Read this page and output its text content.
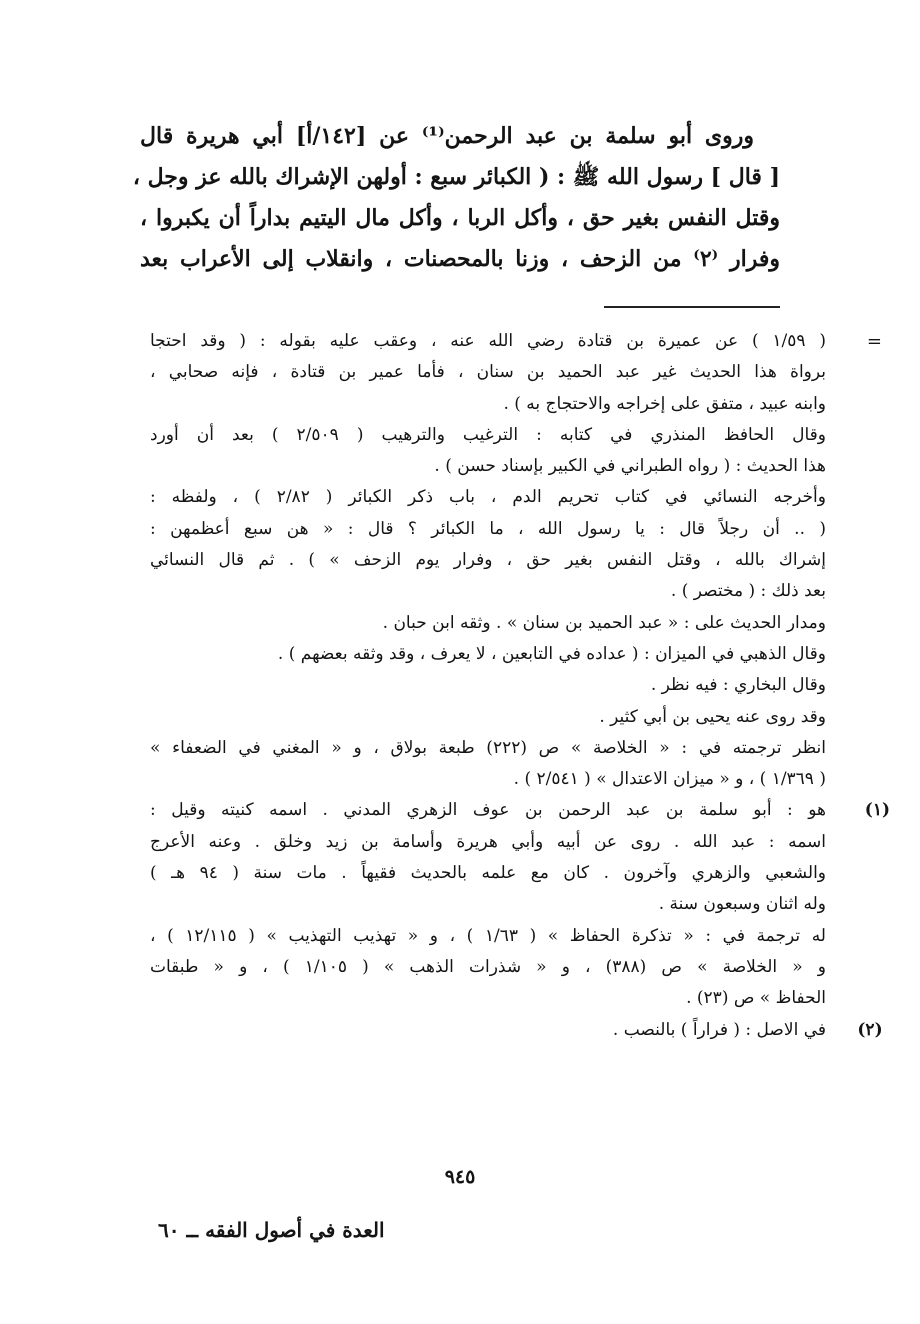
وروى أبو سلمة بن عبد الرحمن⁽¹⁾ عن [١٤٢/أ] أبي هريرة قال
[ قال ] رسول الله ﷺ : ( الكبائر سبع : أولهن الإشراك بالله عز وجل ،
وقتل النفس بغير حق ، وأكل الربا ، وأكل مال اليتيم بداراً أن يكبروا ،
وفرار ⁽٢⁾ من الزحف ، وزنا بالمحصنات ، وانقلاب إلى الأعراب بعد
=
( ١/٥٩ ) عن عميرة بن قتادة رضي الله عنه ، وعقب عليه بقوله : ( وقد احتجا
برواة هذا الحديث غير عبد الحميد بن سنان ، فأما عمير بن قتادة ، فإنه صحابي ،
وابنه عبيد ، متفق على إخراجه والاحتجاج به ) .
وقال الحافظ المنذري في كتابه : الترغيب والترهيب ( ٢/٥٠٩ ) بعد أن أورد
هذا الحديث : ( رواه الطبراني في الكبير بإسناد حسن ) .
وأخرجه النسائي في كتاب تحريم الدم ، باب ذكر الكبائر ( ٢/٨٢ ) ، ولفظه :
( .. أن رجلاً قال : يا رسول الله ، ما الكبائر ؟ قال : « هن سبع أعظمهن :
إشراك بالله ، وقتل النفس بغير حق ، وفرار يوم الزحف » ) . ثم قال النسائي
بعد ذلك : ( مختصر ) .
ومدار الحديث على : « عبد الحميد بن سنان » . وثقه ابن حبان .
وقال الذهبي في الميزان : ( عداده في التابعين ، لا يعرف ، وقد وثقه بعضهم ) .
وقال البخاري : فيه نظر .
وقد روى عنه يحيى بن أبي كثير .
انظر ترجمته في : « الخلاصة » ص (٢٢٢) طبعة بولاق ، و « المغني في الضعفاء »
( ١/٣٦٩ ) ، و « ميزان الاعتدال » ( ٢/٥٤١ ) .
(١)
هو : أبو سلمة بن عبد الرحمن بن عوف الزهري المدني . اسمه كنيته وقيل :
اسمه : عبد الله . روى عن أبيه وأبي هريرة وأسامة بن زيد وخلق . وعنه الأعرج
والشعبي والزهري وآخرون . كان مع علمه بالحديث فقيهاً . مات سنة ( ٩٤ هـ )
وله اثنان وسبعون سنة .
له ترجمة في : « تذكرة الحفاظ » ( ١/٦٣ ) ، و « تهذيب التهذيب » ( ١٢/١١٥ ) ،
و « الخلاصة » ص (٣٨٨) ، و « شذرات الذهب » ( ١/١٠٥ ) ، و « طبقات
الحفاظ » ص (٢٣) .
(٢)
في الاصل : ( فراراً ) بالنصب .
٩٤٥
العدة في أصول الفقه ــ ٦٠
